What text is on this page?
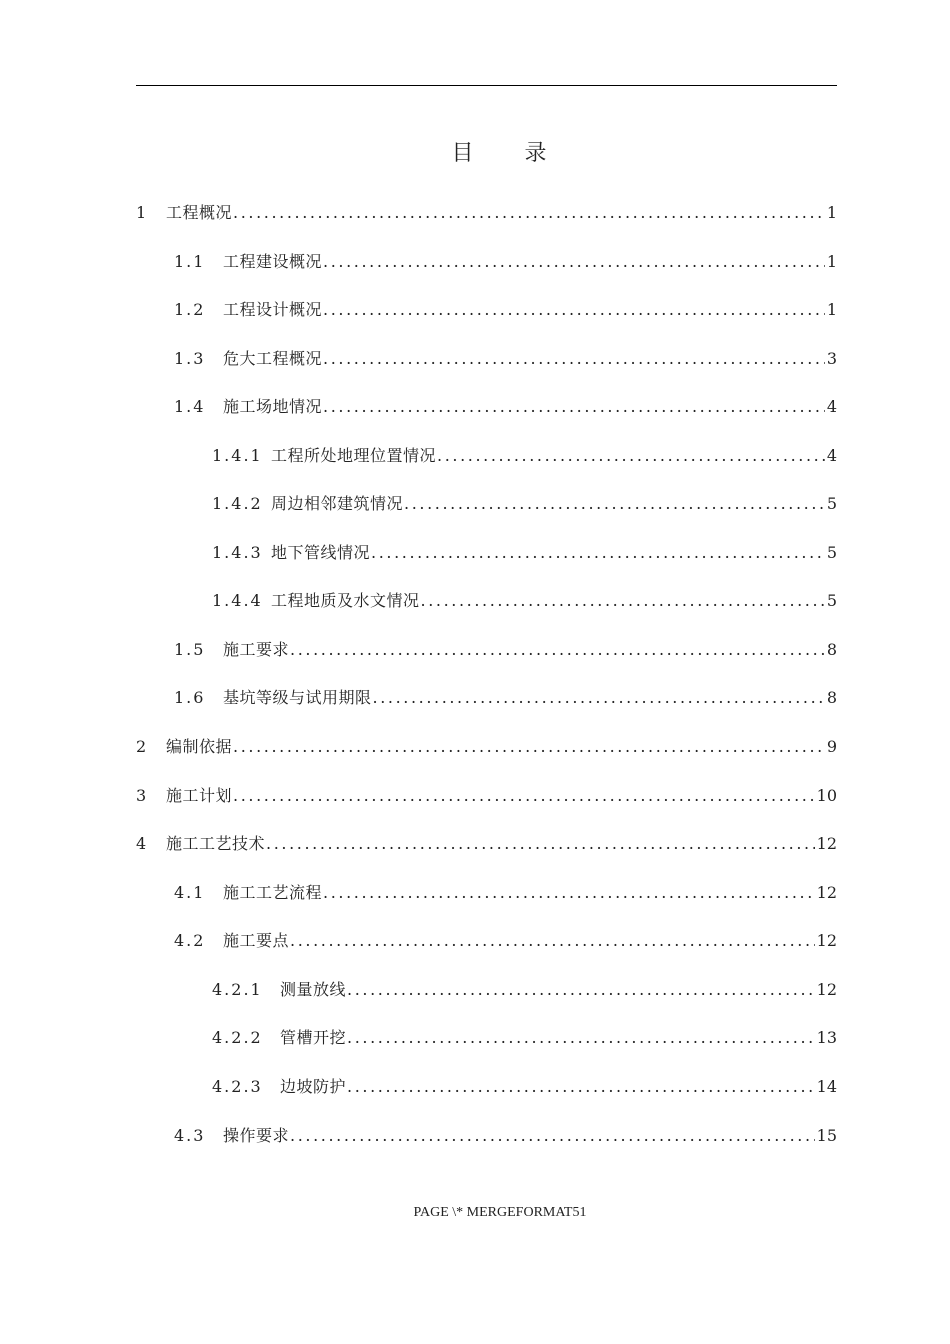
目 录
1	工程概况 .....	1
1.1	工程建设概况 .....	1
1.2	工程设计概况 .....	1
1.3	危大工程概况 .....	3
1.4	施工场地情况 .....	4
1.4.1 工程所处地理位置情况 .....	4
1.4.2 周边相邻建筑情况 .....	5
1.4.3 地下管线情况 .....	5
1.4.4 工程地质及水文情况 .....	5
1.5	施工要求 .....	8
1.6	基坑等级与试用期限 .....	8
2	编制依据 .....	9
3	施工计划 .....	10
4	施工工艺技术 .....	12
4.1	施工工艺流程 .....	12
4.2	施工要点 .....	12
4.2.1	测量放线 .....	12
4.2.2	管槽开挖 .....	13
4.2.3	边坡防护 .....	14
4.3	操作要求 .....	15
PAGE \* MERGEFORMAT51
